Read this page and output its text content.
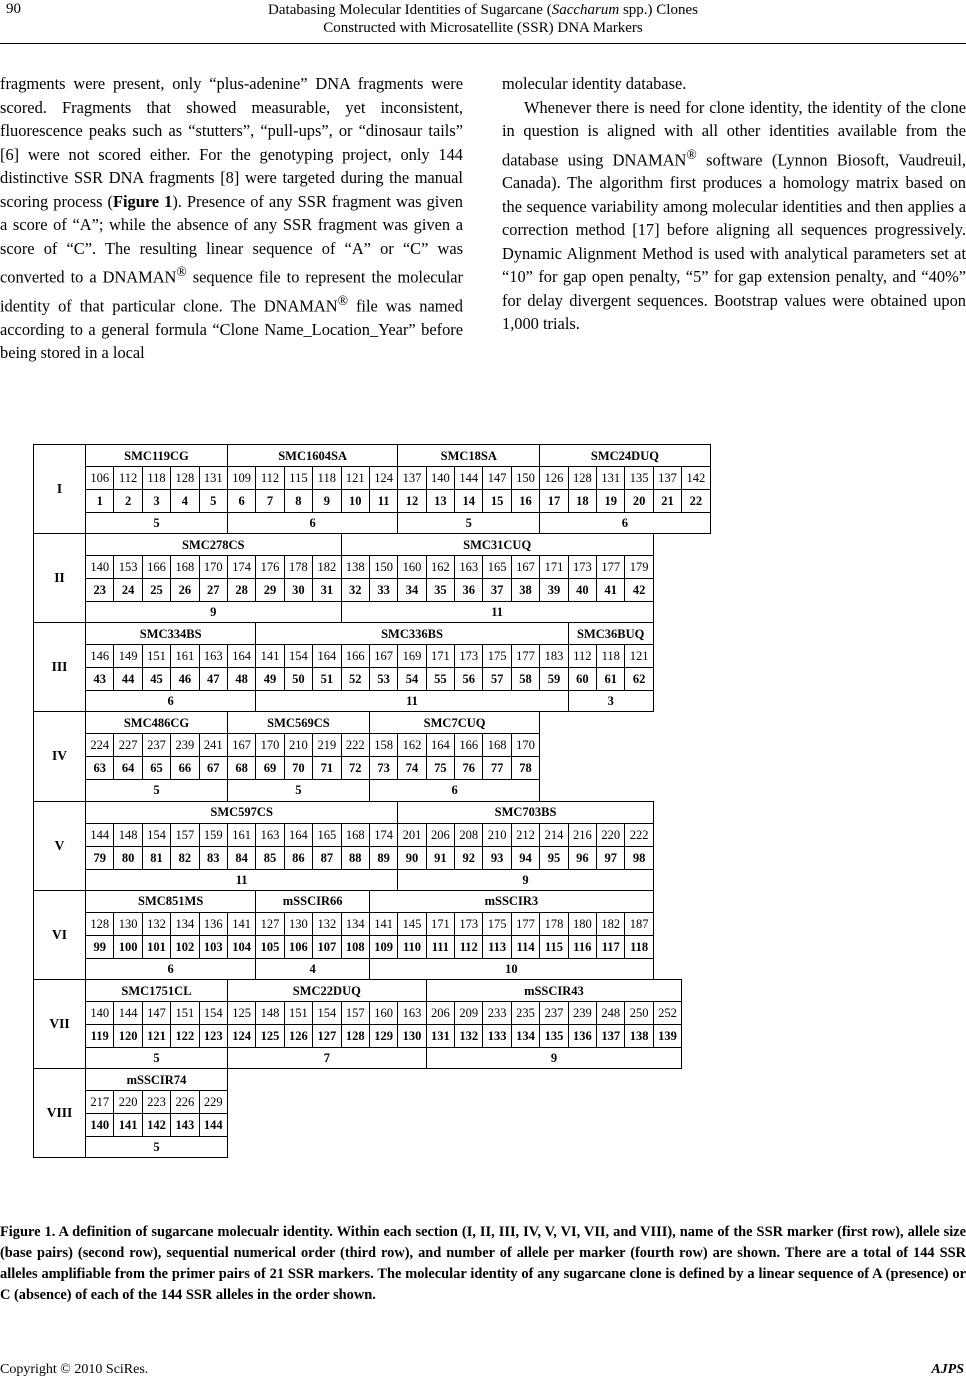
90	Databasing Molecular Identities of Sugarcane (Saccharum spp.) Clones
Constructed with Microsatellite (SSR) DNA Markers

fragments were present, only “plus-adenine” DNA fragments were scored. Fragments that showed measurable, yet inconsistent, fluorescence peaks such as “stutters”, “pull-ups”, or “dinosaur tails” [6] were not scored either. For the genotyping project, only 144 distinctive SSR DNA fragments [8] were targeted during the manual scoring process (Figure 1). Presence of any SSR fragment was given a score of “A”; while the absence of any SSR fragment was given a score of “C”. The resulting linear sequence of “A” or “C” was converted to a DNAMAN® sequence file to represent the molecular identity of that particular clone. The DNAMAN® file was named according to a general formula “Clone Name_Location_Year” before being stored in a local

molecular identity database.

Whenever there is need for clone identity, the identity of the clone in question is aligned with all other identities available from the database using DNAMAN® software (Lynnon Biosoft, Vaudreuil, Canada). The algorithm first produces a homology matrix based on the sequence variability among molecular identities and then applies a correction method [17] before aligning all sequences progressively. Dynamic Alignment Method is used with analytical parameters set at “10” for gap open penalty, “5” for gap extension penalty, and “40%” for delay divergent sequences. Bootstrap values were obtained upon 1,000 trials.

I	SMC119CG					SMC1604SA						SMC18SA					SMC24DUQ						
	106	112	118	128	131	109	112	115	118	121	124	137	140	144	147	150	126	128	131	135	137	142	
	1	2	3	4	5	6	7	8	9	10	11	12	13	14	15	16	17	18	19	20	21	22	
	5					6						5					6						
II	SMC278CS									SMC31CUQ													
	140	153	166	168	170	174	176	178	182	138	150	160	162	163	165	167	171	173	177	179			
	23	24	25	26	27	28	29	30	31	32	33	34	35	36	37	38	39	40	41	42			
	9									11													
III	SMC334BS						SMC336BS											SMC36BUQ					
	146	149	151	161	163	164	141	154	164	166	167	169	171	173	175	177	183	112	118	121			
	43	44	45	46	47	48	49	50	51	52	53	54	55	56	57	58	59	60	61	62			
	6						11											3					
IV	SMC486CG					SMC569CS					SMC7CUQ												
	224	227	237	239	241	167	170	210	219	222	158	162	164	166	168	170							
	63	64	65	66	67	68	69	70	71	72	73	74	75	76	77	78							
	5					5					6												
V	SMC597CS											SMC703BS											
	144	148	154	157	159	161	163	164	165	168	174	201	206	208	210	212	214	216	220	222			
	79	80	81	82	83	84	85	86	87	88	89	90	91	92	93	94	95	96	97	98			
	11											9											
VI	SMC851MS						mSSCIR66				mSSCIR3												
	128	130	132	134	136	141	127	130	132	134	141	145	171	173	175	177	178	180	182	187			
	99	100	101	102	103	104	105	106	107	108	109	110	111	112	113	114	115	116	117	118			
	6						4				10												
VII	SMC1751CL					SMC22DUQ							mSSCIR43										
	140	144	147	151	154	125	148	151	154	157	160	163	206	209	233	235	237	239	248	250	252		
	119	120	121	122	123	124	125	126	127	128	129	130	131	132	133	134	135	136	137	138	139		
	5					7							9										
VIII	mSSCIR74																						
	217	220	223	226	229																		
	140	141	142	143	144																		
	5																						
Figure 1. A definition of sugarcane molecualr identity. Within each section (I, II, III, IV, V, VI, VII, and VIII), name of the SSR marker (first row), allele size (base pairs) (second row), sequential numerical order (third row), and number of allele per marker (fourth row) are shown. There are a total of 144 SSR alleles amplifiable from the primer pairs of 21 SSR markers. The molecular identity of any sugarcane clone is defined by a linear sequence of A (presence) or C (absence) of each of the 144 SSR alleles in the order shown.
Copyright © 2010 SciRes.	AJPS
